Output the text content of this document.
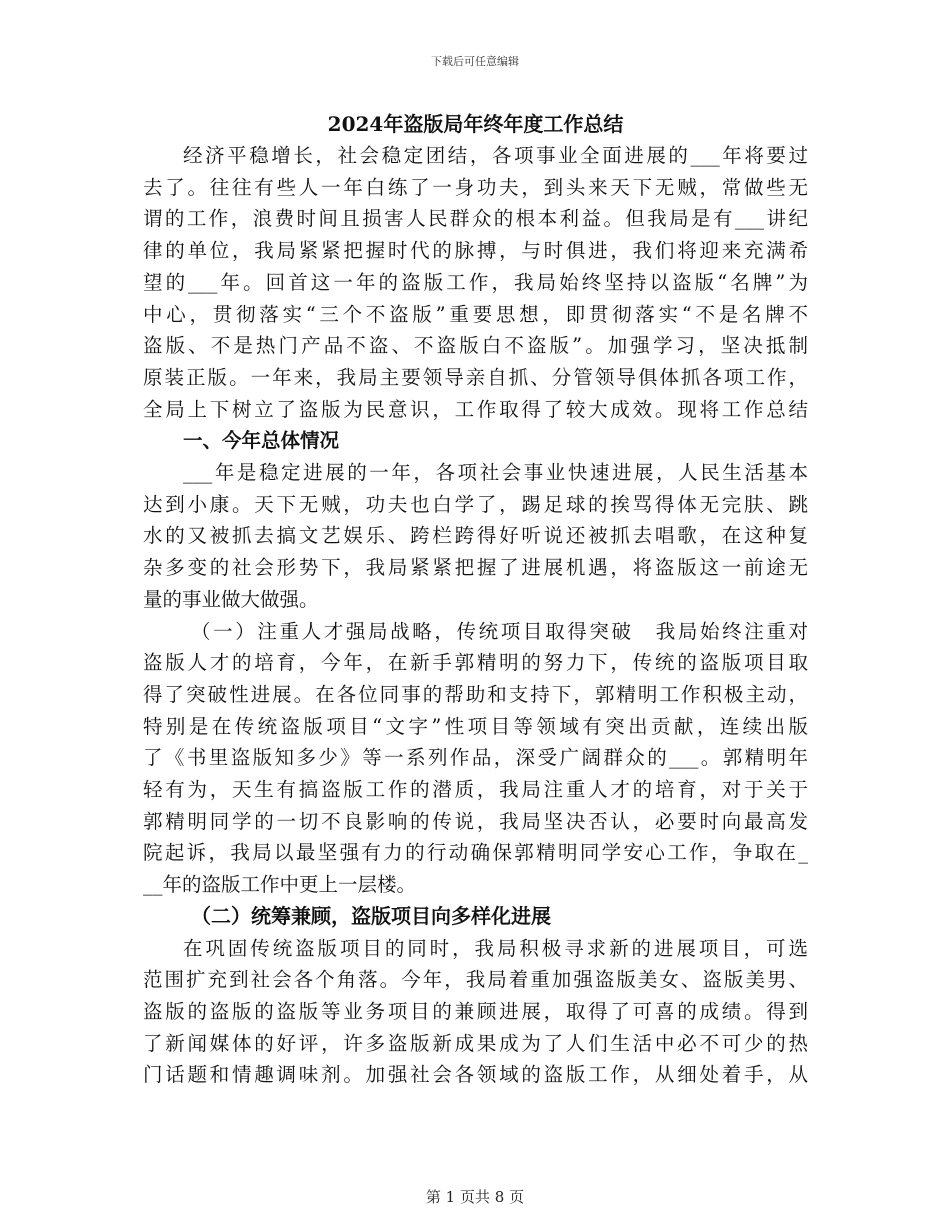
下载后可任意编辑

2024年盗版局年终年度工作总结

经济平稳增长，社会稳定团结，各项事业全面进展的___年将要过

去了。往往有些人一年白练了一身功夫，到头来天下无贼，常做些无

谓的工作，浪费时间且损害人民群众的根本利益。但我局是有___讲纪

律的单位，我局紧紧把握时代的脉搏，与时俱进，我们将迎来充满希

望的___年。回首这一年的盗版工作，我局始终坚持以盗版“名牌”为

中心，贯彻落实“三个不盗版”重要思想，即贯彻落实“不是名牌不

盗版、不是热门产品不盗、不盗版白不盗版”。加强学习，坚决抵制

原装正版。一年来，我局主要领导亲自抓、分管领导俱体抓各项工作，

全局上下树立了盗版为民意识，工作取得了较大成效。现将工作总结

一、今年总体情况

___年是稳定进展的一年，各项社会事业快速进展，人民生活基本

达到小康。天下无贼，功夫也白学了，踢足球的挨骂得体无完肤、跳

水的又被抓去搞文艺娱乐、跨栏跨得好听说还被抓去唱歌，在这种复

杂多变的社会形势下，我局紧紧把握了进展机遇，将盗版这一前途无

量的事业做大做强。

（一）注重人才强局战略，传统项目取得突破　我局始终注重对

盗版人才的培育，今年，在新手郭精明的努力下，传统的盗版项目取

得了突破性进展。在各位同事的帮助和支持下，郭精明工作积极主动，

特别是在传统盗版项目“文字”性项目等领域有突出贡献，连续出版

了《书里盗版知多少》等一系列作品，深受广阔群众的___。郭精明年

轻有为，天生有搞盗版工作的潜质，我局注重人才的培育，对于关于

郭精明同学的一切不良影响的传说，我局坚决否认，必要时向最高发

院起诉，我局以最坚强有力的行动确保郭精明同学安心工作，争取在_

__年的盗版工作中更上一层楼。

（二）统筹兼顾，盗版项目向多样化进展

在巩固传统盗版项目的同时，我局积极寻求新的进展项目，可选

范围扩充到社会各个角落。今年，我局着重加强盗版美女、盗版美男、

盗版的盗版的盗版等业务项目的兼顾进展，取得了可喜的成绩。得到

了新闻媒体的好评，许多盗版新成果成为了人们生活中必不可少的热

门话题和情趣调味剂。加强社会各领域的盗版工作，从细处着手，从

第 1 页共 8 页
